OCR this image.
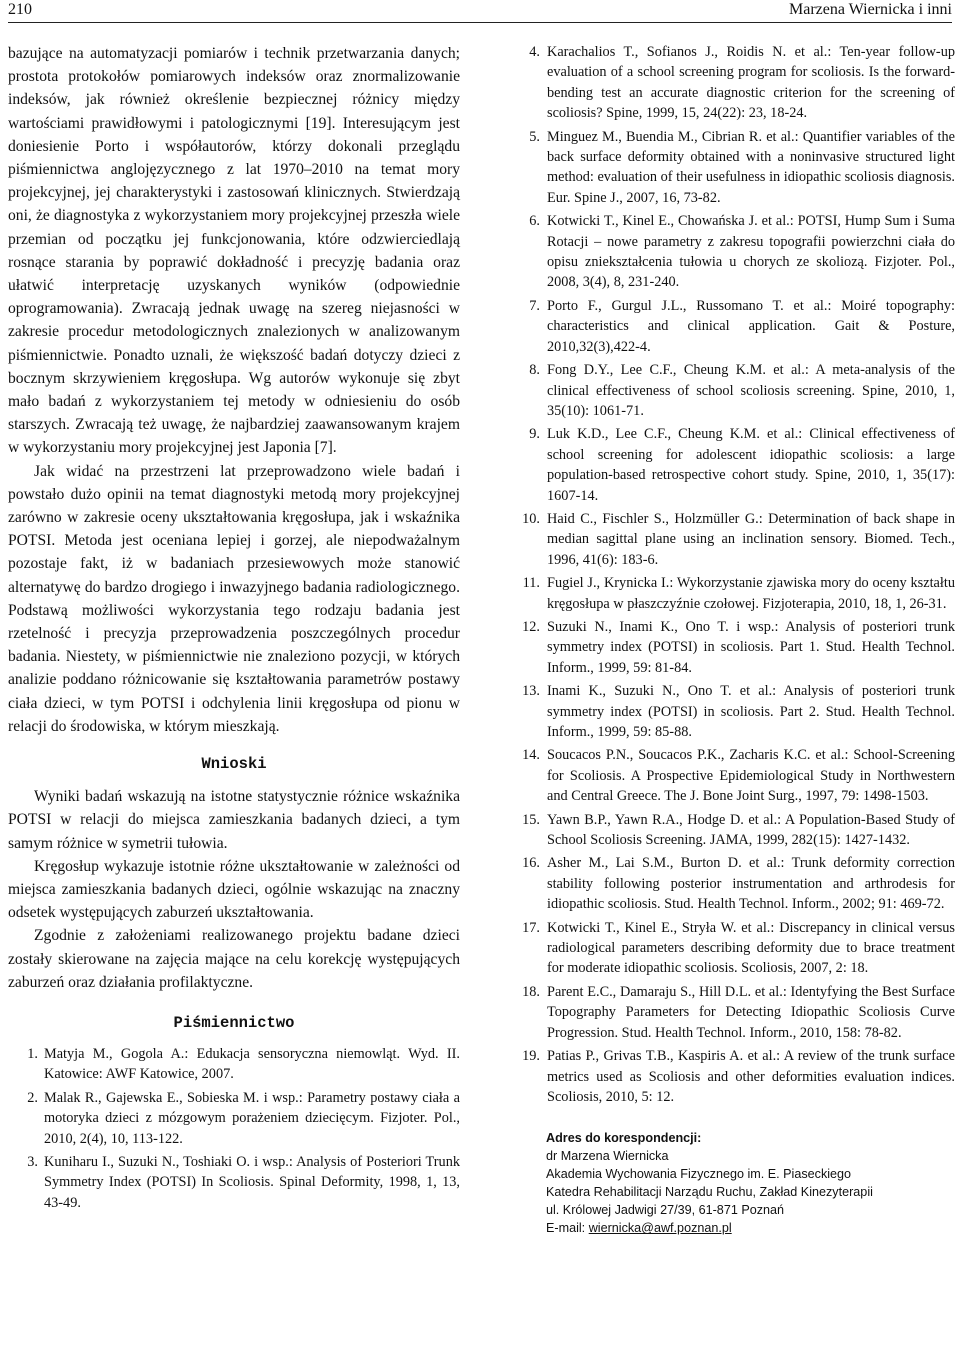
210	Marzena Wiernicka i inni

bazujące na automatyzacji pomiarów i technik przetwarzania danych; prostota protokołów pomiarowych indeksów oraz znormalizowanie indeksów, jak również określenie bezpiecznej różnicy między wartościami prawidłowymi i patologicznymi [19]. Interesującym jest doniesienie Porto i współautorów, którzy dokonali przeglądu piśmiennictwa anglojęzycznego z lat 1970–2010 na temat mory projekcyjnej, jej charakterystyki i zastosowań klinicznych. Stwierdzają oni, że diagnostyka z wykorzystaniem mory projekcyjnej przeszła wiele przemian od początku jej funkcjonowania, które odzwierciedlają rosnące starania by poprawić dokładność i precyzję badania oraz ułatwić interpretację uzyskanych wyników (odpowiednie oprogramowania). Zwracają jednak uwagę na szereg niejasności w zakresie procedur metodologicznych znalezionych w analizowanym piśmiennictwie. Ponadto uznali, że większość badań dotyczy dzieci z bocznym skrzywieniem kręgosłupa. Wg autorów wykonuje się zbyt mało badań z wykorzystaniem tej metody w odniesieniu do osób starszych. Zwracają też uwagę, że najbardziej zaawansowanym krajem w wykorzystaniu mory projekcyjnej jest Japonia [7].

Jak widać na przestrzeni lat przeprowadzono wiele badań i powstało dużo opinii na temat diagnostyki metodą mory projekcyjnej zarówno w zakresie oceny ukształtowania kręgosłupa, jak i wskaźnika POTSI. Metoda jest oceniana lepiej i gorzej, ale niepodważalnym pozostaje fakt, iż w badaniach przesiewowych może stanowić alternatywę do bardzo drogiego i inwazyjnego badania radiologicznego. Podstawą możliwości wykorzystania tego rodzaju badania jest rzetelność i precyzja przeprowadzenia poszczególnych procedur badania. Niestety, w piśmiennictwie nie znaleziono pozycji, w których analizie poddano różnicowanie się kształtowania parametrów postawy ciała dzieci, w tym POTSI i odchylenia linii kręgosłupa od pionu w relacji do środowiska, w którym mieszkają.

Wnioski

Wyniki badań wskazują na istotne statystycznie różnice wskaźnika POTSI w relacji do miejsca zamieszkania badanych dzieci, a tym samym różnice w symetrii tułowia.

Kręgosłup wykazuje istotnie różne ukształtowanie w zależności od miejsca zamieszkania badanych dzieci, ogólnie wskazując na znaczny odsetek występujących zaburzeń ukształtowania.

Zgodnie z założeniami realizowanego projektu badane dzieci zostały skierowane na zajęcia mające na celu korekcję występujących zaburzeń oraz działania profilaktyczne.

Piśmiennictwo
1. Matyja M., Gogola A.: Edukacja sensoryczna niemowląt. Wyd. II. Katowice: AWF Katowice, 2007.
2. Malak R., Gajewska E., Sobieska M. i wsp.: Parametry postawy ciała a motoryka dzieci z mózgowym porażeniem dziecięcym. Fizjoter. Pol., 2010, 2(4), 10, 113-122.
3. Kuniharu I., Suzuki N., Toshiaki O. i wsp.: Analysis of Posteriori Trunk Symmetry Index (POTSI) In Scoliosis. Spinal Deformity, 1998, 1, 13, 43-49.
4. Karachalios T., Sofianos J., Roidis N. et al.: Ten-year follow-up evaluation of a school screening program for scoliosis. Is the forward-bending test an accurate diagnostic criterion for the screening of scoliosis? Spine, 1999, 15, 24(22): 23, 18-24.
5. Minguez M., Buendia M., Cibrian R. et al.: Quantifier variables of the back surface deformity obtained with a noninvasive structured light method: evaluation of their usefulness in idiopathic scoliosis diagnosis. Eur. Spine J., 2007, 16, 73-82.
6. Kotwicki T., Kinel E., Chowańska J. et al.: POTSI, Hump Sum i Suma Rotacji – nowe parametry z zakresu topografii powierzchni ciała do opisu zniekształcenia tułowia u chorych ze skoliozą. Fizjoter. Pol., 2008, 3(4), 8, 231-240.
7. Porto F., Gurgul J.L., Russomano T. et al.: Moiré topography: characteristics and clinical application. Gait & Posture, 2010,32(3),422-4.
8. Fong D.Y., Lee C.F., Cheung K.M. et al.: A meta-analysis of the clinical effectiveness of school scoliosis screening. Spine, 2010, 1, 35(10): 1061-71.
9. Luk K.D., Lee C.F., Cheung K.M. et al.: Clinical effectiveness of school screening for adolescent idiopathic scoliosis: a large population-based retrospective cohort study. Spine, 2010, 1, 35(17): 1607-14.
10. Haid C., Fischler S., Holzmüller G.: Determination of back shape in median sagittal plane using an inclination sensory. Biomed. Tech., 1996, 41(6): 183-6.
11. Fugiel J., Krynicka I.: Wykorzystanie zjawiska mory do oceny kształtu kręgosłupa w płaszczyźnie czołowej. Fizjoterapia, 2010, 18, 1, 26-31.
12. Suzuki N., Inami K., Ono T. i wsp.: Analysis of posteriori trunk symmetry index (POTSI) in scoliosis. Part 1. Stud. Health Technol. Inform., 1999, 59: 81-84.
13. Inami K., Suzuki N., Ono T. et al.: Analysis of posteriori trunk symmetry index (POTSI) in scoliosis. Part 2. Stud. Health Technol. Inform., 1999, 59: 85-88.
14. Soucacos P.N., Soucacos P.K., Zacharis K.C. et al.: School-Screening for Scoliosis. A Prospective Epidemiological Study in Northwestern and Central Greece. The J. Bone Joint Surg., 1997, 79: 1498-1503.
15. Yawn B.P., Yawn R.A., Hodge D. et al.: A Population-Based Study of School Scoliosis Screening. JAMA, 1999, 282(15): 1427-1432.
16. Asher M., Lai S.M., Burton D. et al.: Trunk deformity correction stability following posterior instrumentation and arthrodesis for idiopathic scoliosis. Stud. Health Technol. Inform., 2002; 91: 469-72.
17. Kotwicki T., Kinel E., Stryła W. et al.: Discrepancy in clinical versus radiological parameters describing deformity due to brace treatment for moderate idiopathic scoliosis. Scoliosis, 2007, 2: 18.
18. Parent E.C., Damaraju S., Hill D.L. et al.: Identyfying the Best Surface Topography Parameters for Detecting Idiopathic Scoliosis Curve Progression. Stud. Health Technol. Inform., 2010, 158: 78-82.
19. Patias P., Grivas T.B., Kaspiris A. et al.: A review of the trunk surface metrics used as Scoliosis and other deformities evaluation indices. Scoliosis, 2010, 5: 12.
Adres do korespondencji:
dr Marzena Wiernicka
Akademia Wychowania Fizycznego im. E. Piaseckiego
Katedra Rehabilitacji Narządu Ruchu, Zakład Kinezyterapii
ul. Królowej Jadwigi 27/39, 61-871 Poznań
E-mail: wiernicka@awf.poznan.pl
